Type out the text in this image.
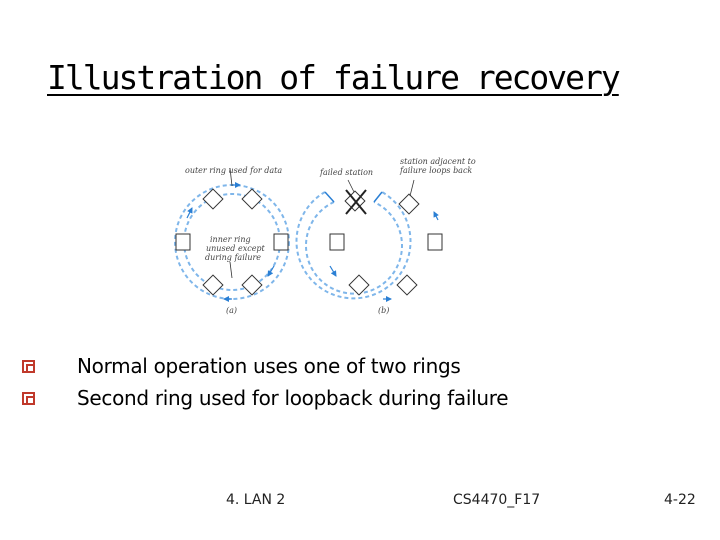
Illustration of failure recovery
outer ring used for data
inner ring
unused except
during failure
(a)
failed station
station adjacent to
failure loops back
(b)
Normal operation uses one of two rings
Second ring used for loopback during failure
4. LAN 2	CS4470_F17	4-22
